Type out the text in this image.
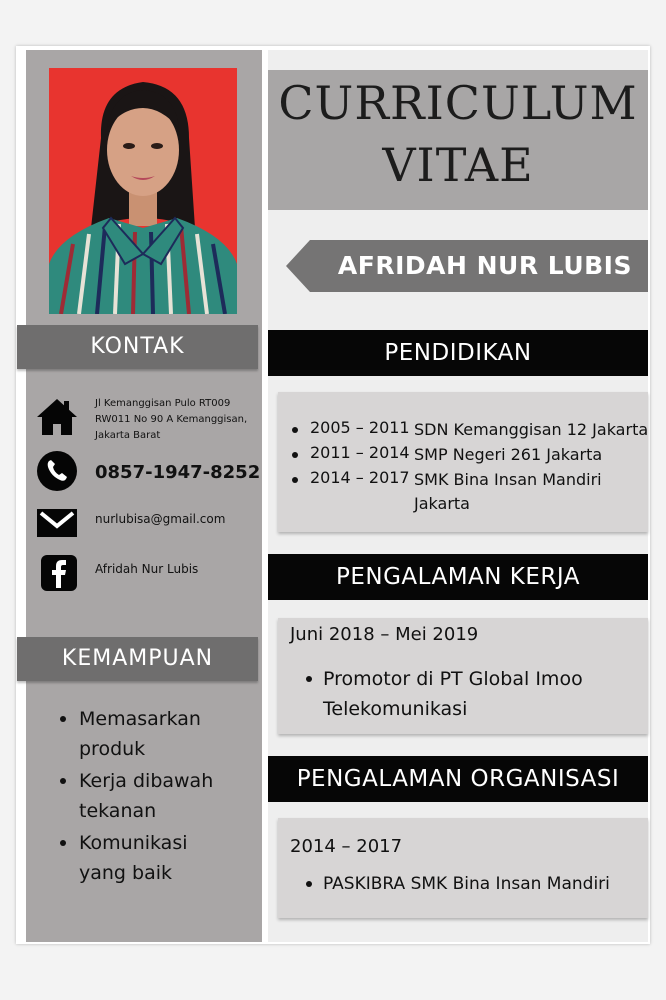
CURRICULUM
VITAE
AFRIDAH NUR LUBIS
KONTAK
Jl Kemanggisan Pulo RT009
RW011 No 90 A Kemanggisan,
Jakarta Barat
0857-1947-8252
nurlubisa@gmail.com
Afridah Nur Lubis
KEMAMPUAN
Memasarkan
produk
Kerja dibawah
tekanan
Komunikasi
yang baik
PENDIDIKAN
2005 – 2011 SDN Kemanggisan 12 Jakarta
2011 – 2014 SMP Negeri 261 Jakarta
2014 – 2017 SMK Bina Insan Mandiri
Jakarta
PENGALAMAN KERJA
Juni 2018 – Mei 2019
Promotor di PT Global Imoo
Telekomunikasi
PENGALAMAN ORGANISASI
2014 – 2017
PASKIBRA SMK Bina Insan Mandiri
